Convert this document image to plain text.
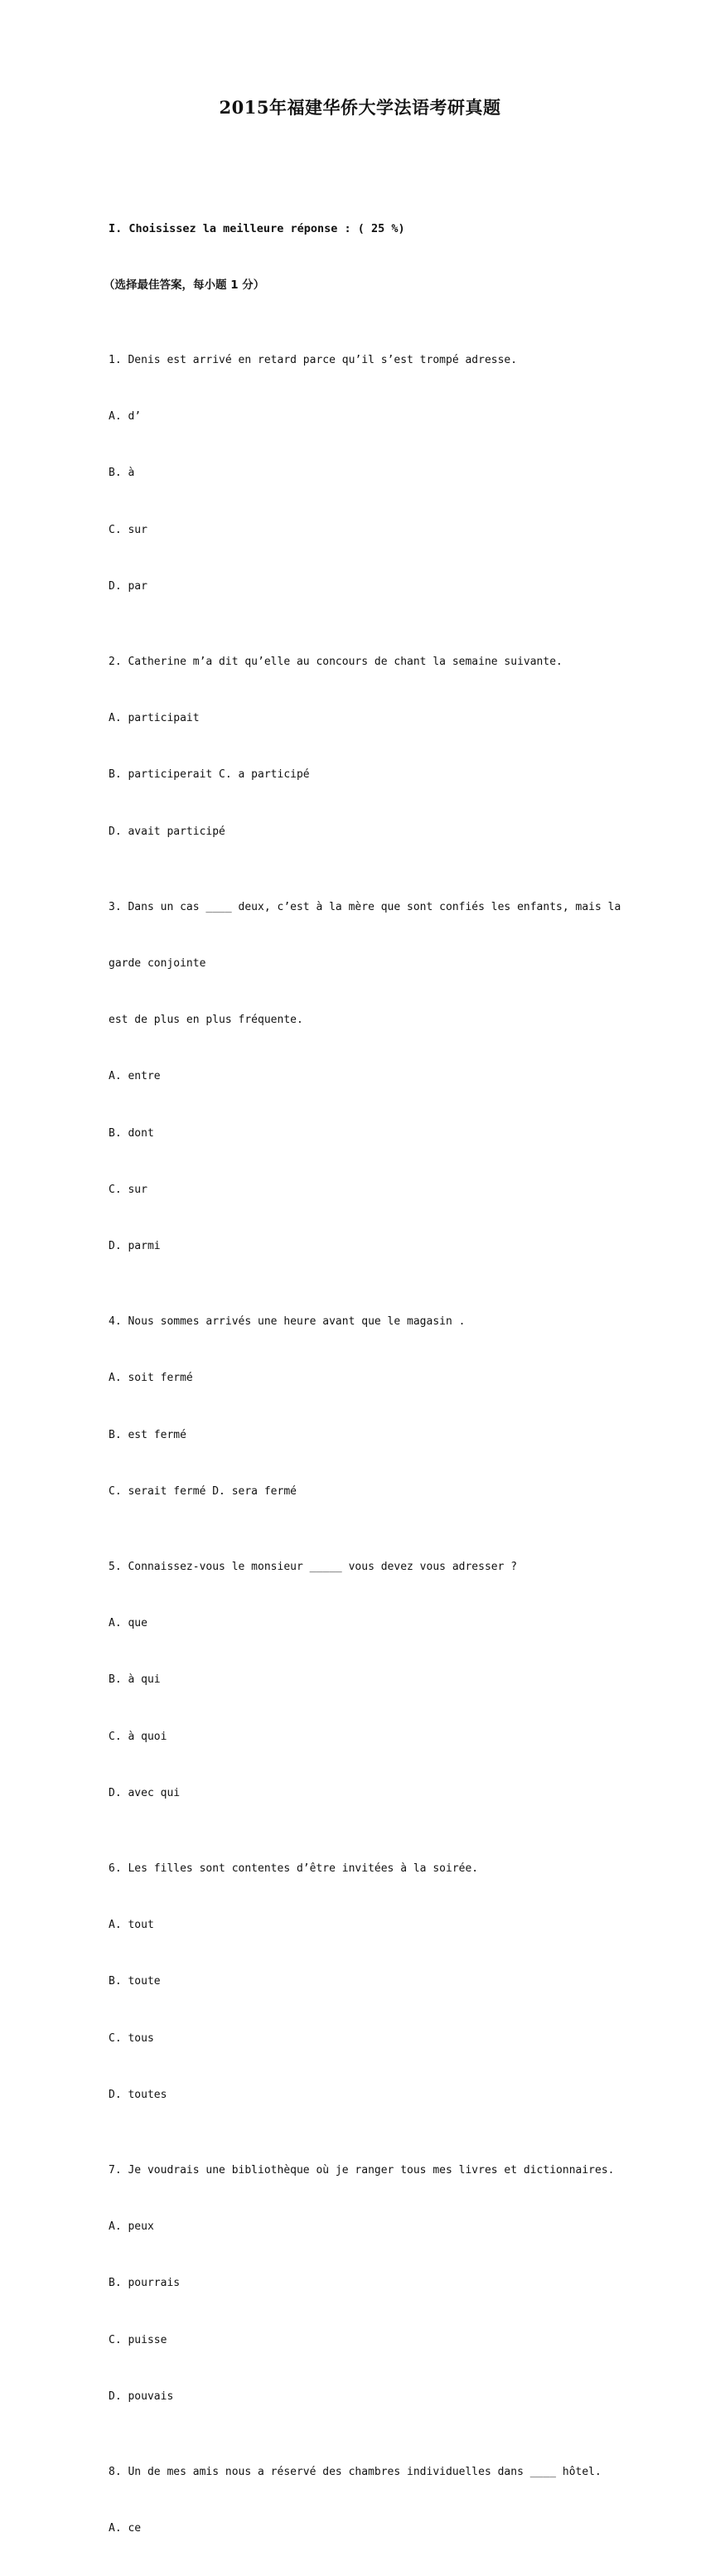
2015年福建华侨大学法语考研真题

I. Choisissez la meilleure réponse : ( 25 %)

（选择最佳答案，每小题 1 分）

1. Denis est arrivé en retard parce qu’il s’est trompé adresse.

A. d’

B. à

C. sur

D. par

2. Catherine m’a dit qu’elle au concours de chant la semaine suivante.

A. participait

B. participerait C. a participé

D. avait participé

3. Dans un cas ____ deux, c’est à la mère que sont confiés les enfants, mais la

garde conjointe

est de plus en plus fréquente.

A. entre

B. dont

C. sur

D. parmi

4. Nous sommes arrivés une heure avant que le magasin .

A. soit fermé

B. est fermé

C. serait fermé D. sera fermé

5. Connaissez-vous le monsieur _____ vous devez vous adresser ?

A. que

B. à qui

C. à quoi

D. avec qui

6. Les filles sont contentes d’être invitées à la soirée.

A. tout

B. toute

C. tous

D. toutes

7. Je voudrais une bibliothèque où je ranger tous mes livres et dictionnaires.

A. peux

B. pourrais

C. puisse

D. pouvais

8. Un de mes amis nous a réservé des chambres individuelles dans ____ hôtel.

A. ce
